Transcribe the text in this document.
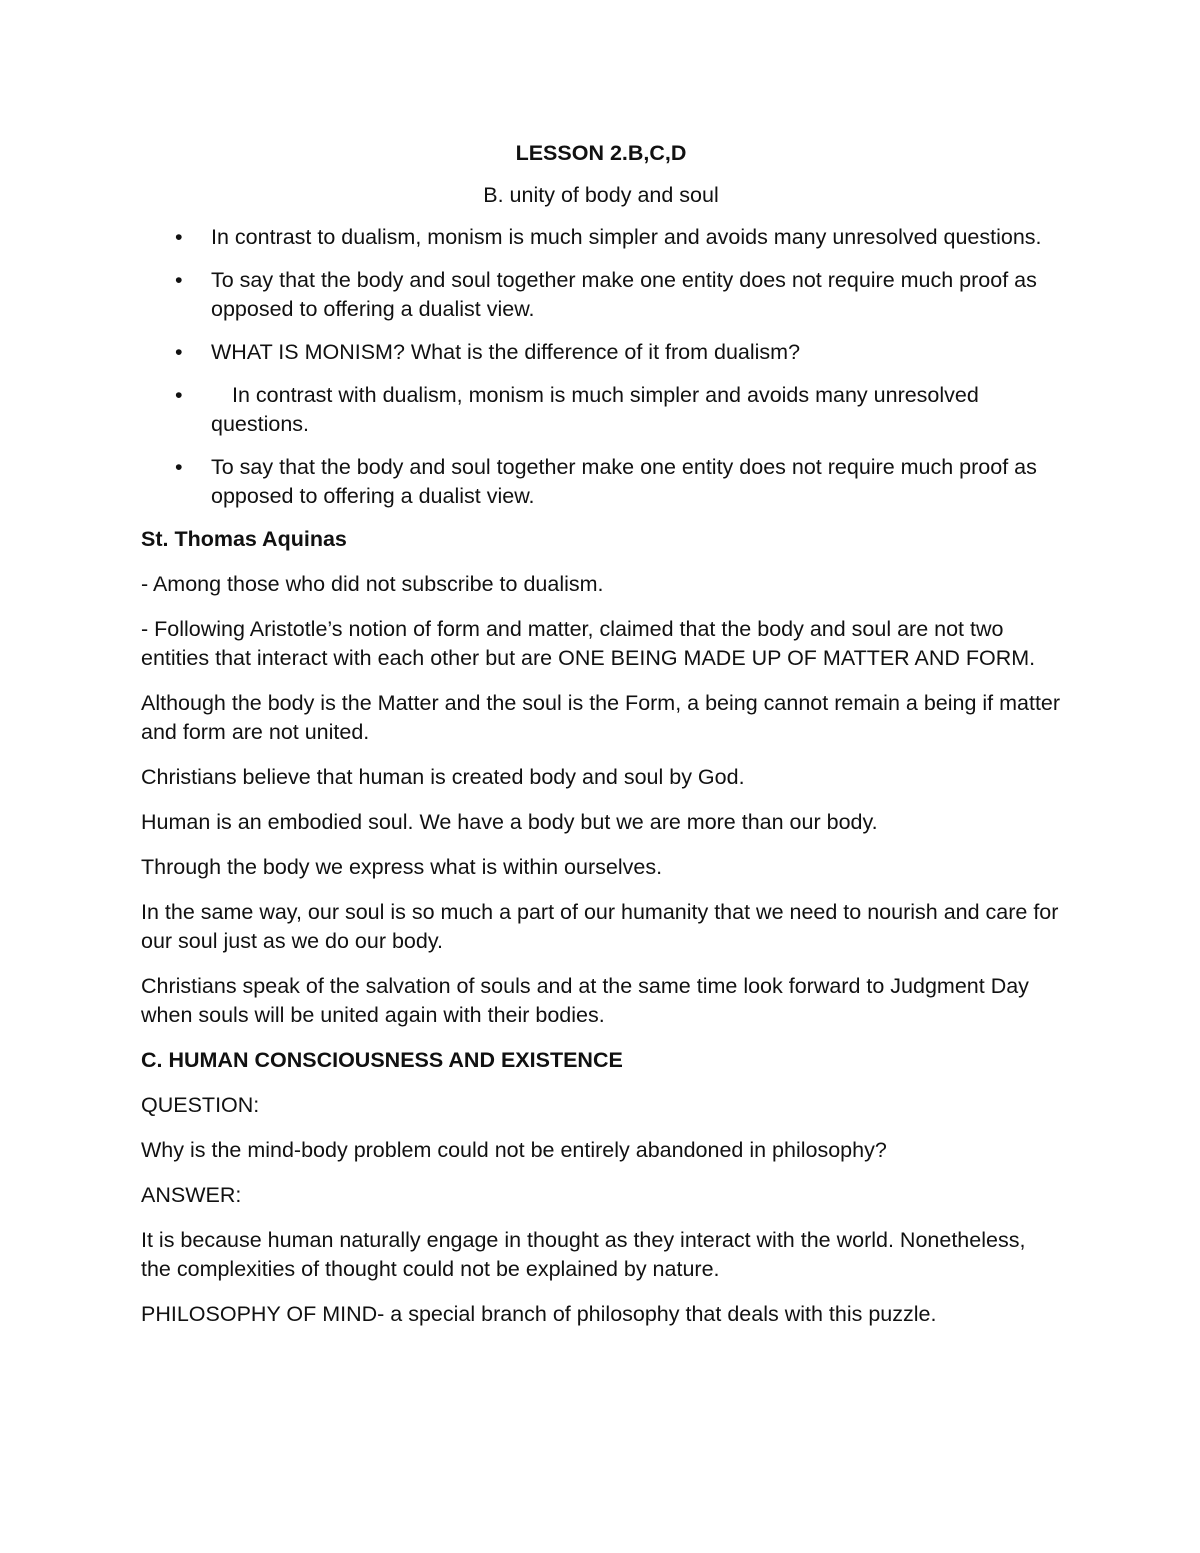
LESSON 2.B,C,D
B. unity of body and soul
• In contrast to dualism, monism is much simpler and avoids many unresolved questions.
• To say that the body and soul together make one entity does not require much proof as opposed to offering a dualist view.
• WHAT IS MONISM? What is the difference of it from dualism?
• In contrast with dualism, monism is much simpler and avoids many unresolved questions.
• To say that the body and soul together make one entity does not require much proof as opposed to offering a dualist view.
St. Thomas Aquinas

- Among those who did not subscribe to dualism.

- Following Aristotle’s notion of form and matter, claimed that the body and soul are not two entities that interact with each other but are ONE BEING MADE UP OF MATTER AND FORM.

Although the body is the Matter and the soul is the Form, a being cannot remain a being if matter and form are not united.

Christians believe that human is created body and soul by God.

Human is an embodied soul. We have a body but we are more than our body.

Through the body we express what is within ourselves.

In the same way, our soul is so much a part of our humanity that we need to nourish and care for our soul just as we do our body.

Christians speak of the salvation of souls and at the same time look forward to Judgment Day when souls will be united again with their bodies.

C. HUMAN CONSCIOUSNESS AND EXISTENCE

QUESTION:

Why is the mind-body problem could not be entirely abandoned in philosophy?

ANSWER:

It is because human naturally engage in thought as they interact with the world. Nonetheless, the complexities of thought could not be explained by nature.

PHILOSOPHY OF MIND- a special branch of philosophy that deals with this puzzle.
